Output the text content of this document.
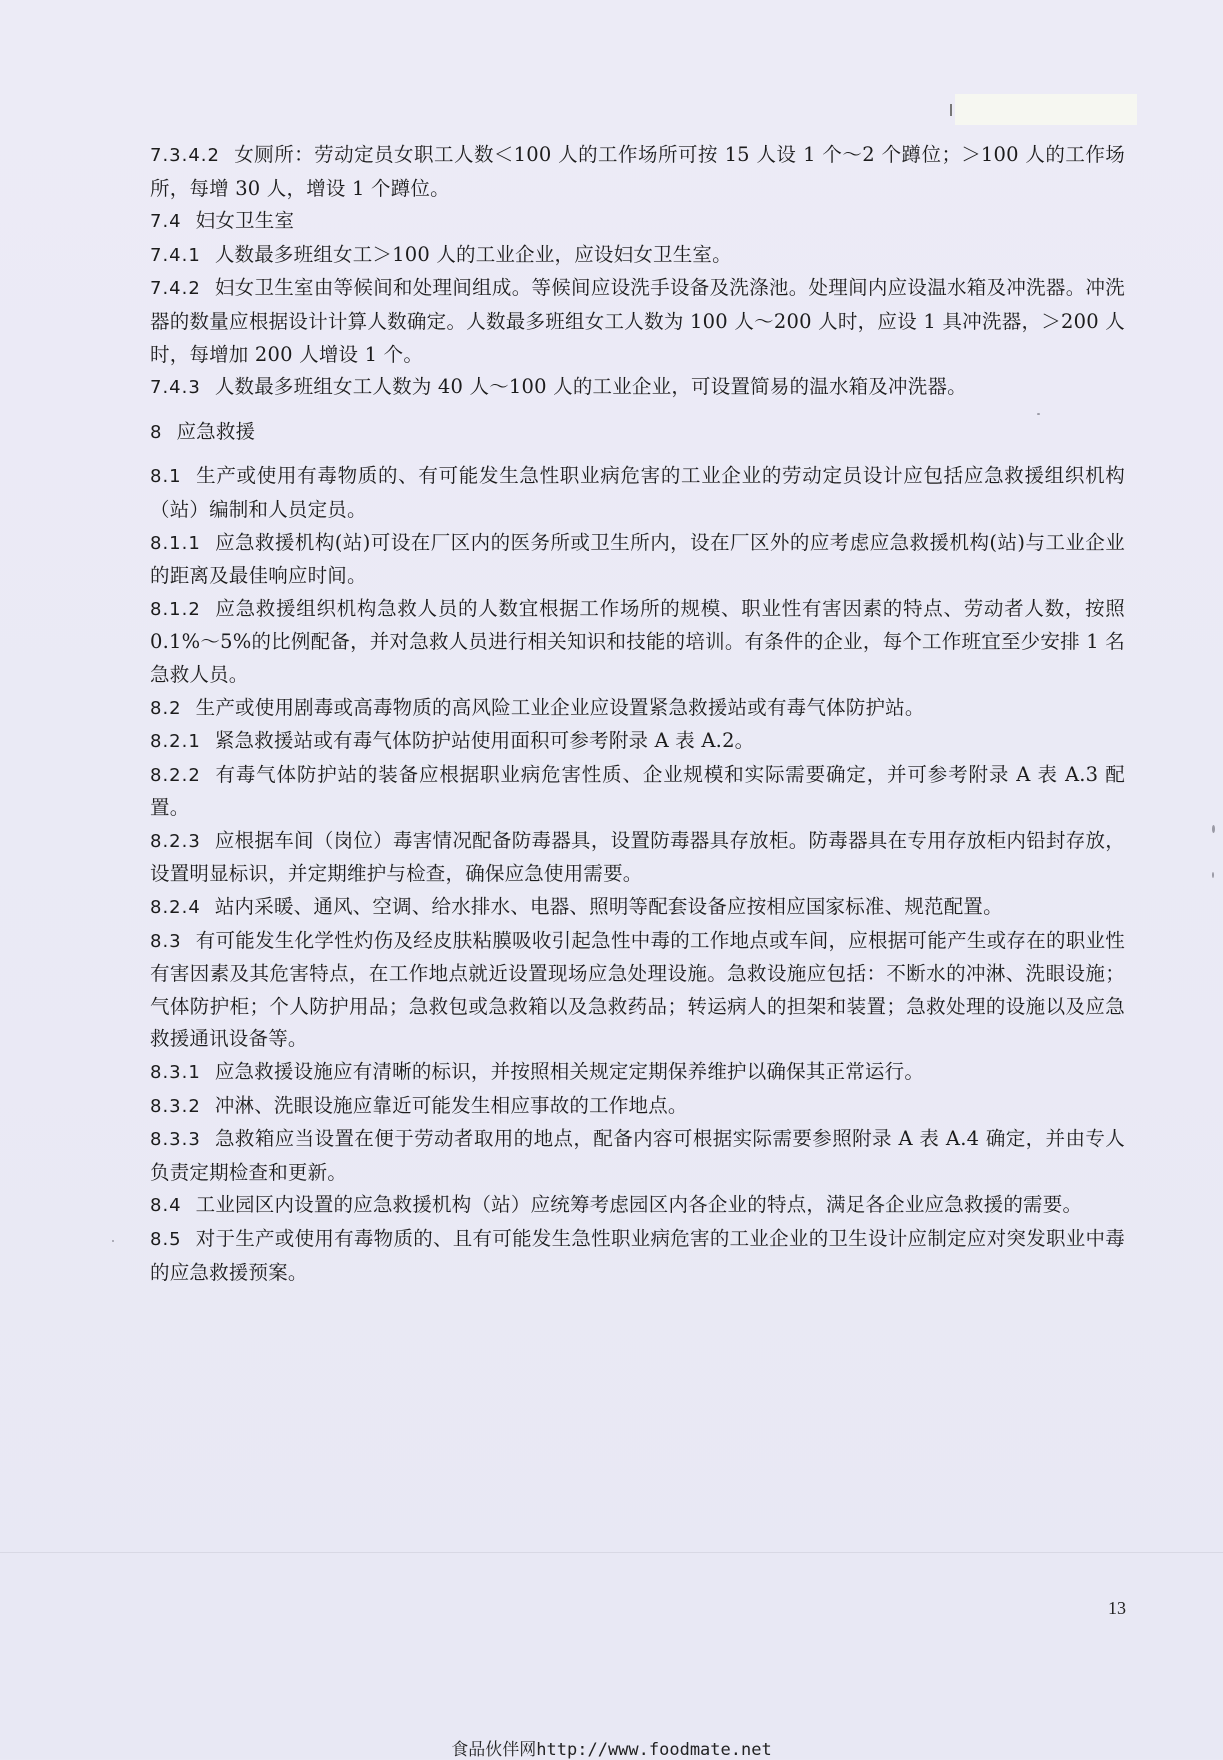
7.3.4.2 女厕所：劳动定员女职工人数＜100 人的工作场所可按 15 人设 1 个～2 个蹲位；＞100 人的工作场所，每增 30 人，增设 1 个蹲位。

7.4 妇女卫生室

7.4.1 人数最多班组女工＞100 人的工业企业，应设妇女卫生室。

7.4.2 妇女卫生室由等候间和处理间组成。等候间应设洗手设备及洗涤池。处理间内应设温水箱及冲洗器。冲洗器的数量应根据设计计算人数确定。人数最多班组女工人数为 100 人～200 人时，应设 1 具冲洗器，＞200 人时，每增加 200 人增设 1 个。

7.4.3 人数最多班组女工人数为 40 人～100 人的工业企业，可设置简易的温水箱及冲洗器。

8 应急救援

8.1 生产或使用有毒物质的、有可能发生急性职业病危害的工业企业的劳动定员设计应包括应急救援组织机构（站）编制和人员定员。

8.1.1 应急救援机构(站)可设在厂区内的医务所或卫生所内，设在厂区外的应考虑应急救援机构(站)与工业企业的距离及最佳响应时间。

8.1.2 应急救援组织机构急救人员的人数宜根据工作场所的规模、职业性有害因素的特点、劳动者人数，按照 0.1%～5%的比例配备，并对急救人员进行相关知识和技能的培训。有条件的企业，每个工作班宜至少安排 1 名急救人员。

8.2 生产或使用剧毒或高毒物质的高风险工业企业应设置紧急救援站或有毒气体防护站。

8.2.1 紧急救援站或有毒气体防护站使用面积可参考附录 A 表 A.2。

8.2.2 有毒气体防护站的装备应根据职业病危害性质、企业规模和实际需要确定，并可参考附录 A 表 A.3 配置。

8.2.3 应根据车间（岗位）毒害情况配备防毒器具，设置防毒器具存放柜。防毒器具在专用存放柜内铅封存放，设置明显标识，并定期维护与检查，确保应急使用需要。

8.2.4 站内采暖、通风、空调、给水排水、电器、照明等配套设备应按相应国家标准、规范配置。

8.3 有可能发生化学性灼伤及经皮肤粘膜吸收引起急性中毒的工作地点或车间，应根据可能产生或存在的职业性有害因素及其危害特点，在工作地点就近设置现场应急处理设施。急救设施应包括：不断水的冲淋、洗眼设施；气体防护柜；个人防护用品；急救包或急救箱以及急救药品；转运病人的担架和装置；急救处理的设施以及应急救援通讯设备等。

8.3.1 应急救援设施应有清晰的标识，并按照相关规定定期保养维护以确保其正常运行。

8.3.2 冲淋、洗眼设施应靠近可能发生相应事故的工作地点。

8.3.3 急救箱应当设置在便于劳动者取用的地点，配备内容可根据实际需要参照附录 A 表 A.4 确定，并由专人负责定期检查和更新。

8.4 工业园区内设置的应急救援机构（站）应统筹考虑园区内各企业的特点，满足各企业应急救援的需要。

8.5 对于生产或使用有毒物质的、且有可能发生急性职业病危害的工业企业的卫生设计应制定应对突发职业中毒的应急救援预案。

13
食品伙伴网http://www.foodmate.net
